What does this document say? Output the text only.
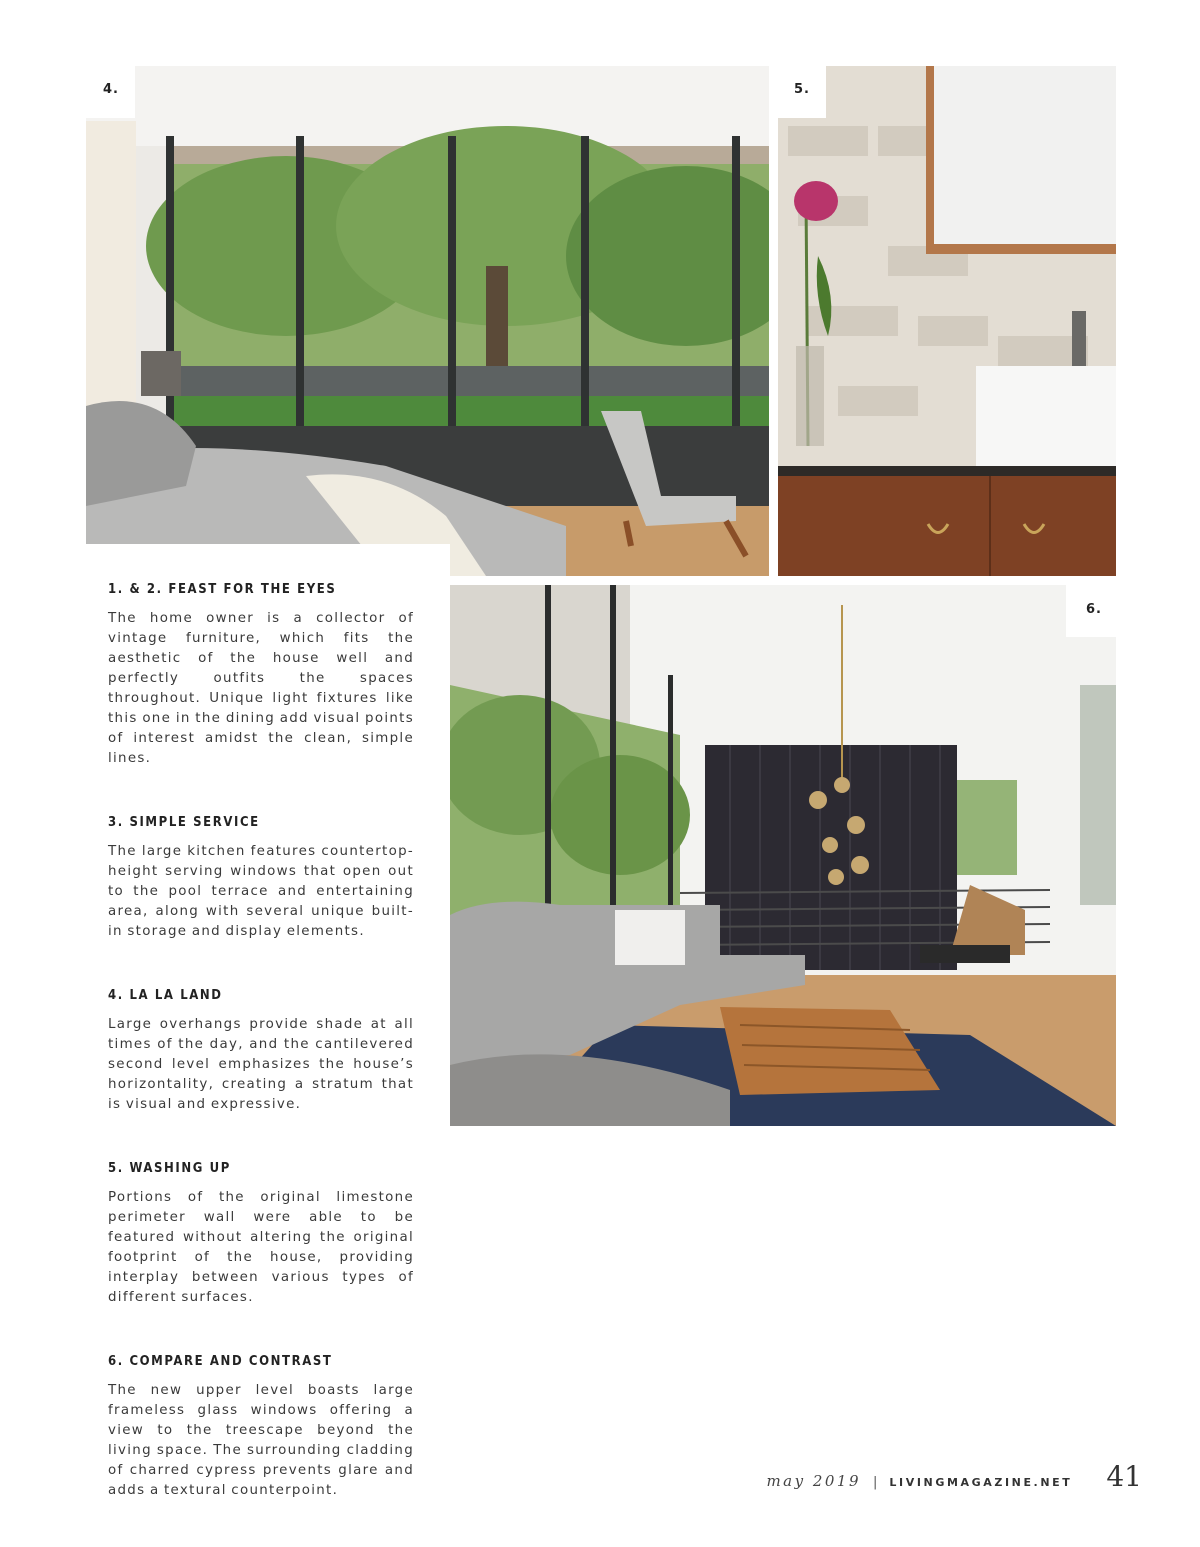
4.	5.
6.
1. & 2. FEAST FOR THE EYES

The home owner is a collector of vintage furniture, which fits the aesthetic of the house well and perfectly outfits the spaces throughout. Unique light fixtures like this one in the dining add visual points of interest amidst the clean, simple lines.

3. SIMPLE SERVICE

The large kitchen features countertop-height serving windows that open out to the pool terrace and entertaining area, along with several unique built-in storage and display elements.

4. LA LA LAND

Large overhangs provide shade at all times of the day, and the cantilevered second level emphasizes the house’s horizontality, creating a stratum that is visual and expressive.

5. WASHING UP

Portions of the original limestone perimeter wall were able to be featured without altering the original footprint of the house, providing interplay between various types of different surfaces.

6. COMPARE AND CONTRAST

The new upper level boasts large frameless glass windows offering a view to the treescape beyond the living space. The surrounding cladding of charred cypress prevents glare and adds a textural counterpoint.

may 2019 | LIVINGMAGAZINE.NET 41
